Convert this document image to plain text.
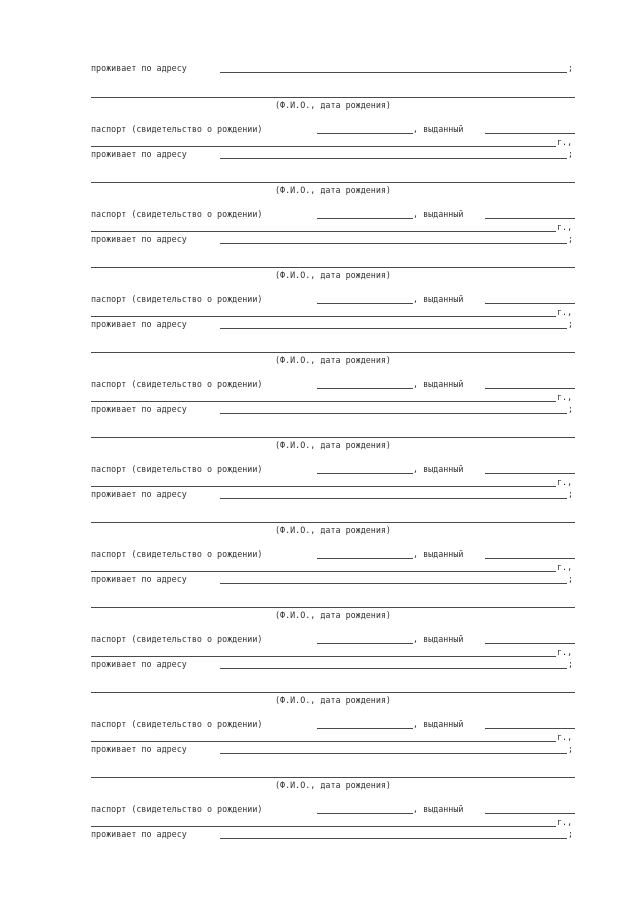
проживает по адресу	;
(Ф.И.О., дата рождения)
паспорт (свидетельство о рождении)	, выданный
г.,
проживает по адресу	;
(Ф.И.О., дата рождения)
паспорт (свидетельство о рождении)	, выданный
г.,
проживает по адресу	;
(Ф.И.О., дата рождения)
паспорт (свидетельство о рождении)	, выданный
г.,
проживает по адресу	;
(Ф.И.О., дата рождения)
паспорт (свидетельство о рождении)	, выданный
г.,
проживает по адресу	;
(Ф.И.О., дата рождения)
паспорт (свидетельство о рождении)	, выданный
г.,
проживает по адресу	;
(Ф.И.О., дата рождения)
паспорт (свидетельство о рождении)	, выданный
г.,
проживает по адресу	;
(Ф.И.О., дата рождения)
паспорт (свидетельство о рождении)	, выданный
г.,
проживает по адресу	;
(Ф.И.О., дата рождения)
паспорт (свидетельство о рождении)	, выданный
г.,
проживает по адресу	;
(Ф.И.О., дата рождения)
паспорт (свидетельство о рождении)	, выданный
г.,
проживает по адресу	;
